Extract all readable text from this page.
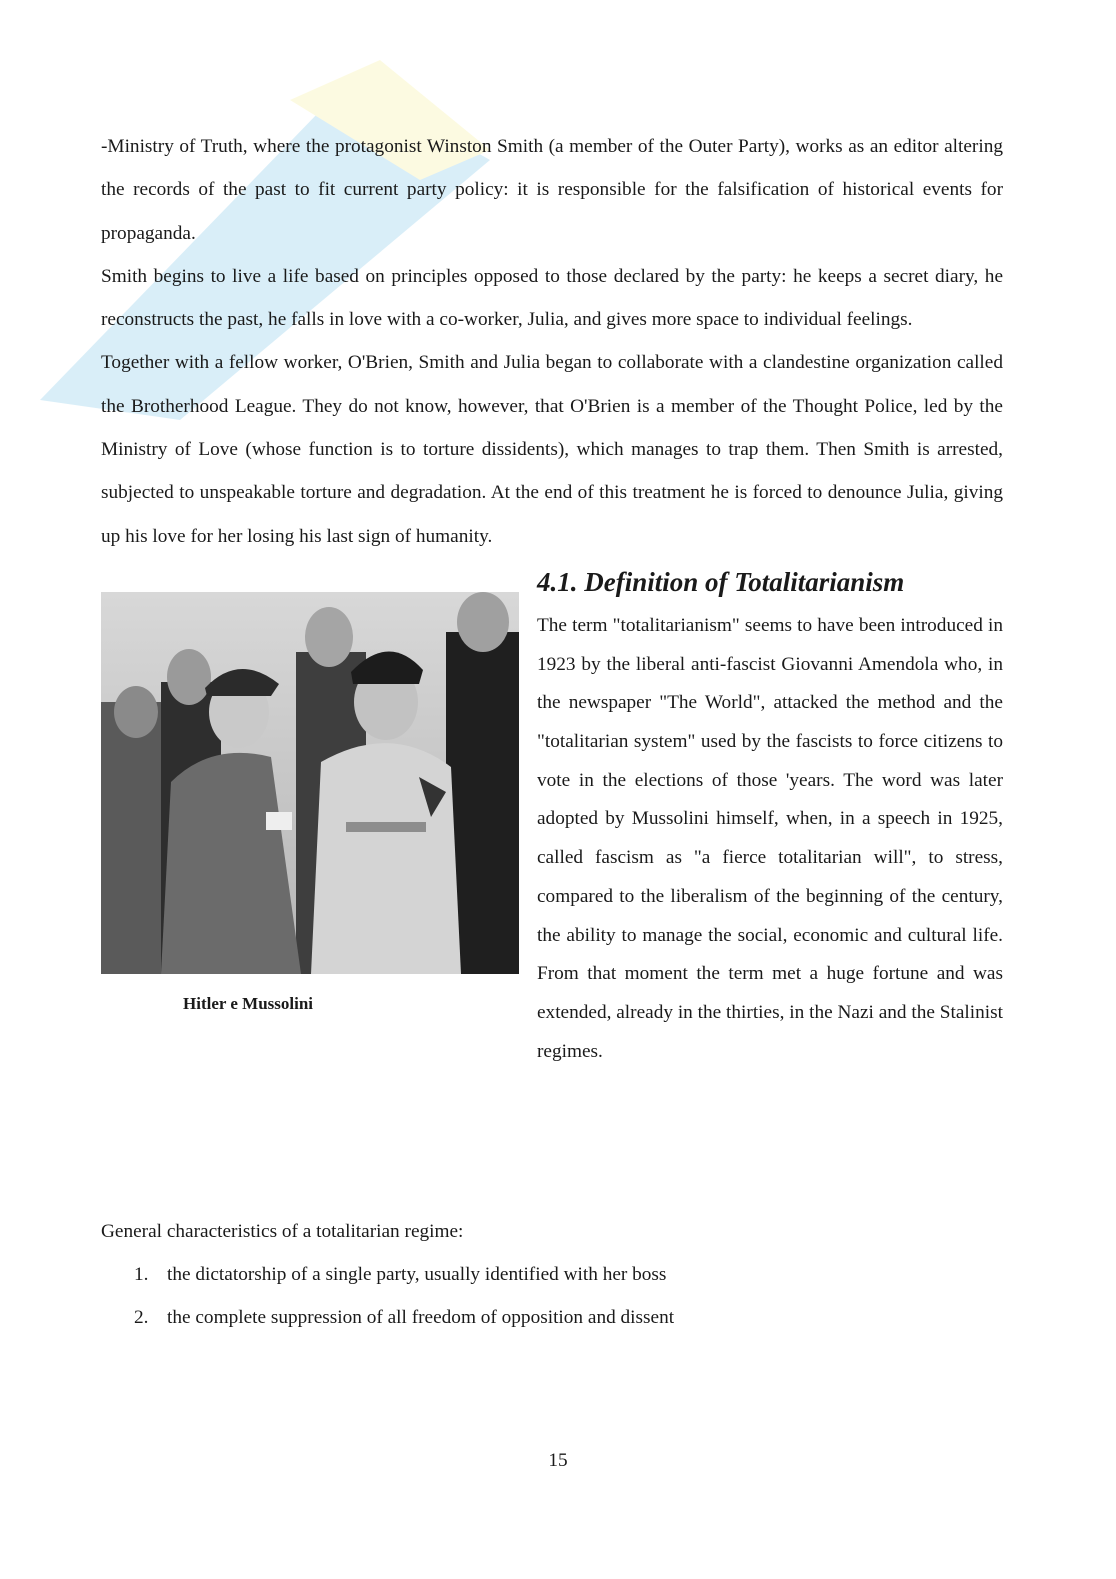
-Ministry of Truth, where the protagonist Winston Smith (a member of the Outer Party), works as an editor altering the records of the past to fit current party policy: it is responsible for the falsification of historical events for propaganda.

Smith begins to live a life based on principles opposed to those declared by the party: he keeps a secret diary, he reconstructs the past, he falls in love with a co-worker, Julia, and gives more space to individual feelings.

Together with a fellow worker, O'Brien, Smith and Julia began to collaborate with a clandestine organization called the Brotherhood League. They do not know, however, that O'Brien is a member of the Thought Police, led by the Ministry of Love (whose function is to torture dissidents), which manages to trap them. Then Smith is arrested, subjected to unspeakable torture and degradation. At the end of this treatment he is forced to denounce Julia, giving up his love for her losing his last sign of humanity.

Hitler e Mussolini
4.1. Definition of Totalitarianism

The term "totalitarianism" seems to have been introduced in 1923 by the liberal anti-fascist Giovanni Amendola who, in the newspaper "The World", attacked the method and the "totalitarian system" used by the fascists to force citizens to vote in the elections of those 'years. The word was later adopted by Mussolini himself, when, in a speech in 1925, called fascism as "a fierce totalitarian will", to stress, compared to the liberalism of the beginning of the century, the ability to manage the social, economic and cultural life. From that moment the term met a huge fortune and was extended, already in the thirties, in the Nazi and the Stalinist regimes.

General characteristics of a totalitarian regime:

1. the dictatorship of a single party, usually identified with her boss
2. the complete suppression of all freedom of opposition and dissent
15
